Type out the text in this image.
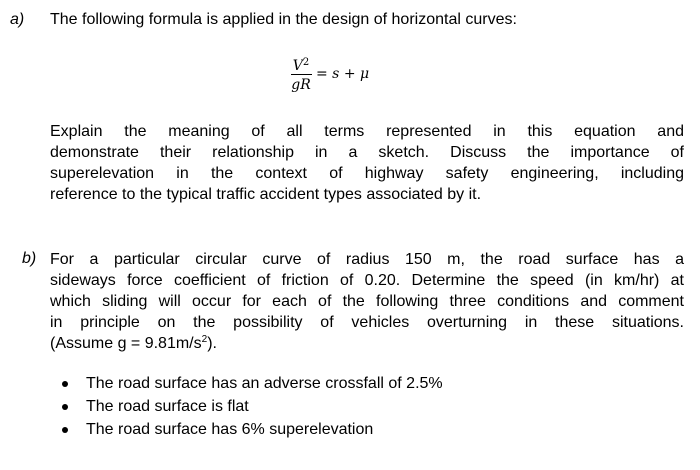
a) The following formula is applied in the design of horizontal curves:
$V^2$
gR
= s + μ
Explain the meaning of all terms represented in this equation and
demonstrate their relationship in a sketch. Discuss the importance of
superelevation in the context of highway safety engineering, including
reference to the typical traffic accident types associated by it.
b) For a particular circular curve of radius 150 m, the road surface has a
sideways force coefficient of friction of 0.20. Determine the speed (in km/hr) at
which sliding will occur for each of the following three conditions and comment
in principle on the possibility of vehicles overturning in these situations.
(Assume $g = 9.81m/s^2$).
The road surface has an adverse crossfall of 2.5%
The road surface is flat
The road surface has 6% superelevation
